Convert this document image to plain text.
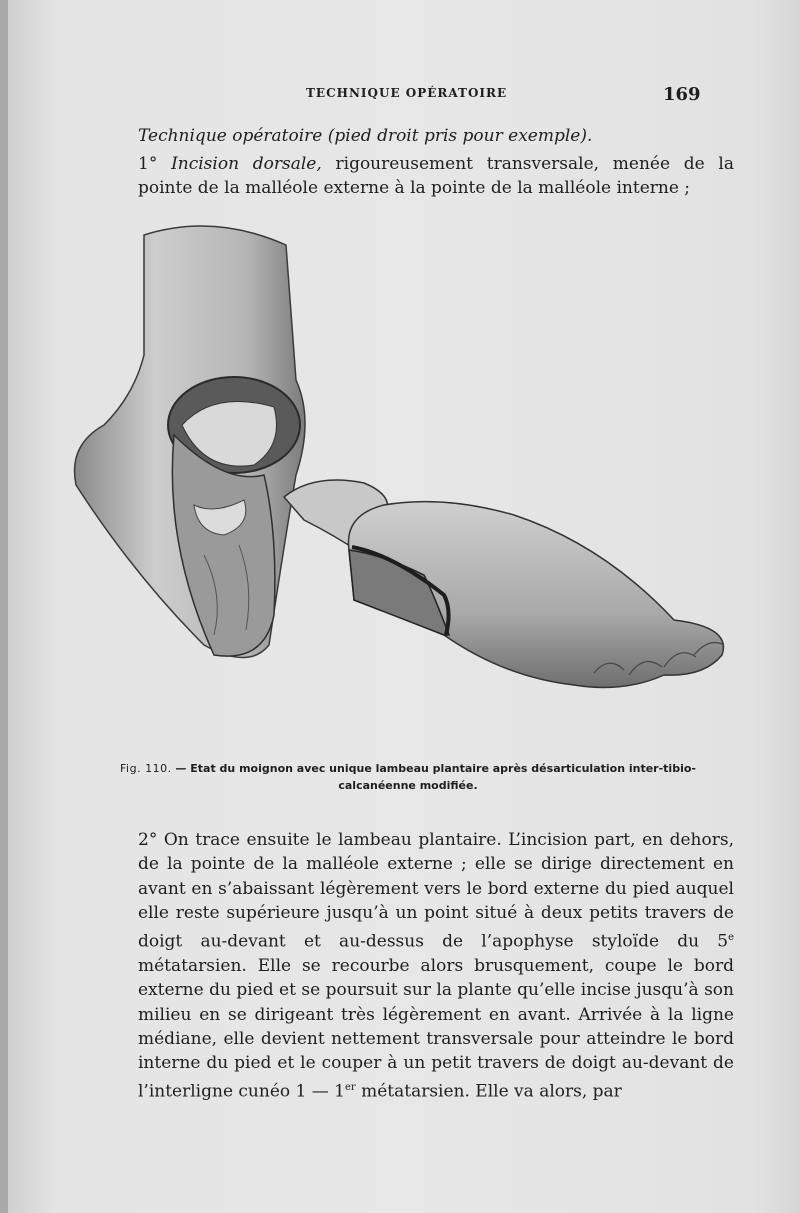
TECHNIQUE OPÉRATOIRE	169

Technique opératoire (pied droit pris pour exemple).

1° Incision dorsale, rigoureusement transversale, menée de la pointe de la malléole externe à la pointe de la malléole interne ;

Fig. 110. — Etat du moignon avec unique lambeau plantaire après désarticulation inter-tibio-calcanéenne modifiée.

2° On trace ensuite le lambeau plantaire. L’incision part, en dehors, de la pointe de la malléole externe ; elle se dirige directement en avant en s’abaissant légèrement vers le bord externe du pied auquel elle reste supérieure jusqu’à un point situé à deux petits travers de doigt au-devant et au-dessus de l’apophyse styloïde du 5e métatarsien. Elle se recourbe alors brusquement, coupe le bord externe du pied et se poursuit sur la plante qu’elle incise jusqu’à son milieu en se dirigeant très légèrement en avant. Arrivée à la ligne médiane, elle devient nettement transversale pour atteindre le bord interne du pied et le couper à un petit travers de doigt au-devant de l’interligne cunéo 1 — 1er métatarsien. Elle va alors, par
